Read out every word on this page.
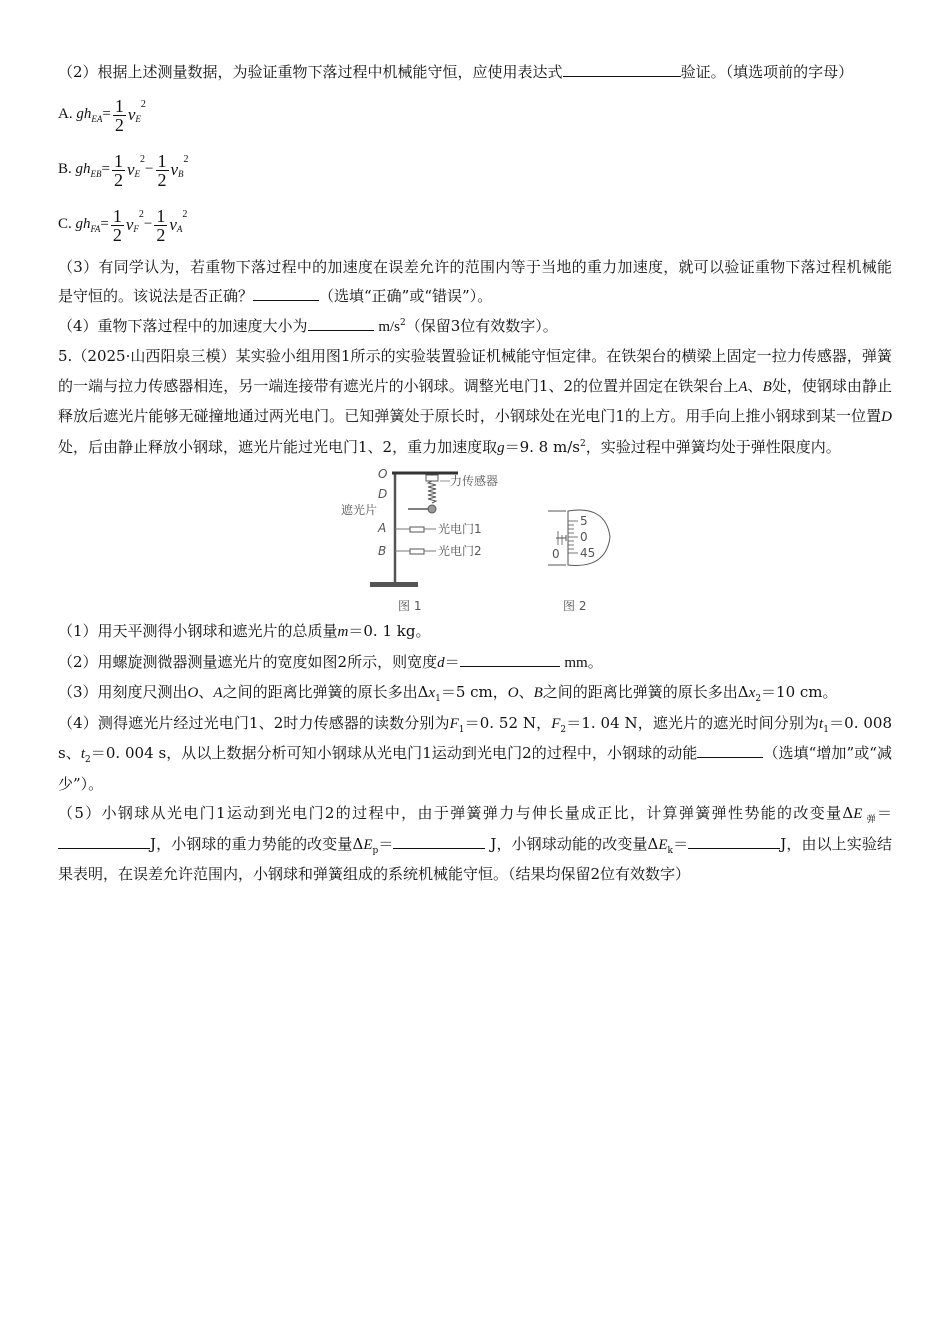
（2）根据上述测量数据，为验证重物下落过程中机械能守恒，应使用表达式	验证。（填选项前的字母）

A.
gh EA = $\frac{1}{2}$ v E
2
B.
gh EB = $\frac{1}{2}$ v E
2
− $\frac{1}{2}$ v B
2
C.
gh FA = $\frac{1}{2}$ v F
2
− $\frac{1}{2}$ v A
2

（3）有同学认为，若重物下落过程中的加速度在误差允许的范围内等于当地的重力加速度，就可以验证重物下落过程机械能是守恒的。该说法是否正确？	（选填“正确”或“错误”）。

（4）重物下落过程中的加速度大小为	$m/s^2$（保留3位有效数字）。

5.（2025·山西阳泉三模）某实验小组用图1所示的实验装置验证机械能守恒定律。在铁架台的横梁上固定一拉力传感器，弹簧的一端与拉力传感器相连，另一端连接带有遮光片的小钢球。调整光电门1、2的位置并固定在铁架台上A、B处，使钢球由静止释放后遮光片能够无碰撞地通过两光电门。已知弹簧处于原长时，小钢球处在光电门1的上方。用手向上推小钢球到某一位置D处，后由静止释放小钢球，遮光片能过光电门1、2，重力加速度取g＝9. 8 $m/s^2$，实验过程中弹簧均处于弹性限度内。

O
D
遮光片
A
B
力传感器
光电门1
光电门2
图 1
5
0
0 45
图 2

（1）用天平测得小钢球和遮光片的总质量m＝0. 1 kg。

（2）用螺旋测微器测量遮光片的宽度如图2所示，则宽度d＝	mm。

（3）用刻度尺测出O、A之间的距离比弹簧的原长多出$\Delta x_1=5$ cm，O、B之间的距离比弹簧的原长多出$\Delta x_2=10$ cm。

（4）测得遮光片经过光电门1、2时力传感器的读数分别为$F_1=0$. 52 N，$F_2=1$. 04 N，遮光片的遮光时间分别为$t_1=0$. 008 s、$t_2=0$. 004 s，从以上数据分析可知小钢球从光电门1运动到光电门2的过程中，小钢球的动能	（选填“增加”或“减少”）。

（5）小钢球从光电门1运动到光电门2的过程中，由于弹簧弹力与伸长量成正比，计算弹簧弹性势能的改变量ΔE $_弹$＝J，小钢球的重力势能的改变量$\Delta E_p=$	J，小钢球动能的改变量$\Delta E_k=$	J，由以上实验结果表明，在误差允许范围内，小钢球和弹簧组成的系统机械能守恒。（结果均保留2位有效数字）
